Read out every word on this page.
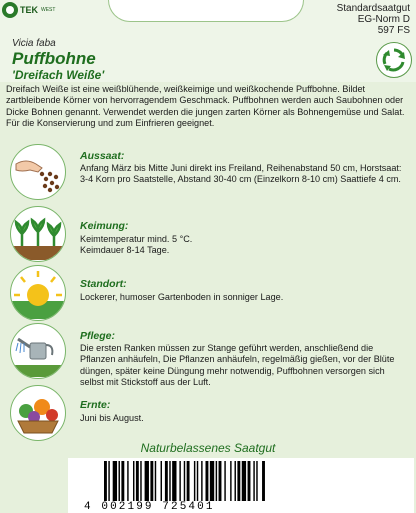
TEK WEST	Standardsaatgut
EG-Norm D
597 FS
Vicia faba
Puffbohne
'Dreifach Weiße'
Dreifach Weiße ist eine weißblühende, weißkeimige und weißkochende Puffbohne. Bildet zartbleibende Körner von hervorragendem Geschmack. Puffbohnen werden auch Saubohnen oder Dicke Bohnen genannt. Verwendet werden die jungen zarten Körner als Bohnengemüse und Salat. Für die Konservierung und zum Einfrieren geeignet.
Aussaat:
Anfang März bis Mitte Juni direkt ins Freiland, Reihenabstand 50 cm, Horstsaat: 3-4 Korn pro Saatstelle, Abstand 30-40 cm (Einzelkorn 8-10 cm) Saattiefe 4 cm.
Keimung:
Keimtemperatur mind. 5 °C.
Keimdauer 8-14 Tage.
Standort:
Lockerer, humoser Gartenboden in sonniger Lage.
Pflege:
Die ersten Ranken müssen zur Stange geführt werden, anschließend die Pflanzen anhäufeln, Die Pflanzen anhäufeln, regelmäßig gießen, vor der Blüte düngen, später keine Düngung mehr notwendig, Puffbohnen versorgen sich selbst mit Stickstoff aus der Luft.
Ernte:
Juni bis August.
Naturbelassenes Saatgut
4 002199 725401
